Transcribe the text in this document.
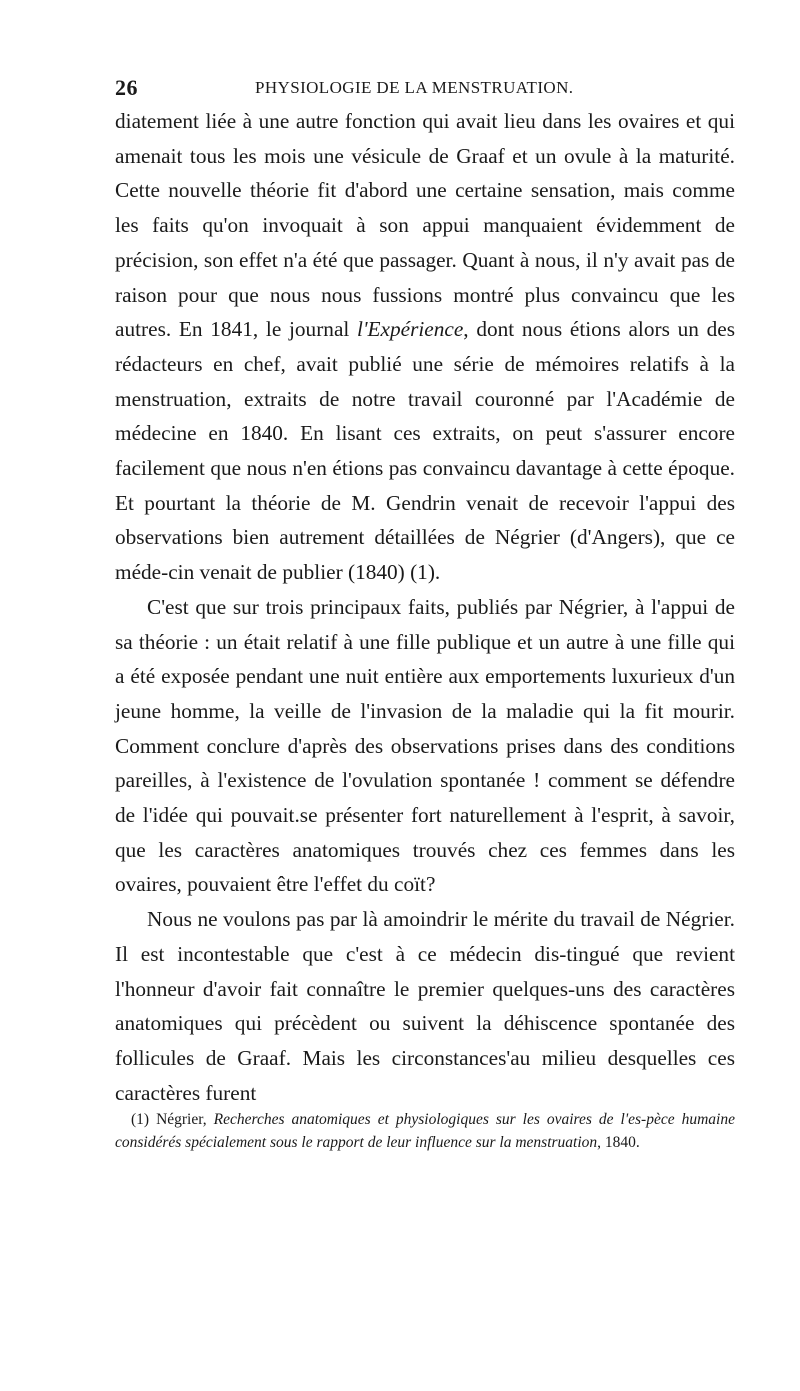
26	PHYSIOLOGIE DE LA MENSTRUATION.

diatement liée à une autre fonction qui avait lieu dans les ovaires et qui amenait tous les mois une vésicule de Graaf et un ovule à la maturité. Cette nouvelle théorie fit d'abord une certaine sensation, mais comme les faits qu'on invoquait à son appui manquaient évidemment de précision, son effet n'a été que passager. Quant à nous, il n'y avait pas de raison pour que nous nous fussions montré plus convaincu que les autres. En 1841, le journal l'Expérience, dont nous étions alors un des rédacteurs en chef, avait publié une série de mémoires relatifs à la menstruation, extraits de notre travail couronné par l'Académie de médecine en 1840. En lisant ces extraits, on peut s'assurer encore facilement que nous n'en étions pas convaincu davantage à cette époque. Et pourtant la théorie de M. Gendrin venait de recevoir l'appui des observations bien autrement détaillées de Négrier (d'Angers), que ce méde-cin venait de publier (1840) (1).

C'est que sur trois principaux faits, publiés par Négrier, à l'appui de sa théorie : un était relatif à une fille publique et un autre à une fille qui a été exposée pendant une nuit entière aux emportements luxurieux d'un jeune homme, la veille de l'invasion de la maladie qui la fit mourir. Comment conclure d'après des observations prises dans des conditions pareilles, à l'existence de l'ovulation spontanée ! comment se défendre de l'idée qui pouvait.se présenter fort naturellement à l'esprit, à savoir, que les caractères anatomiques trouvés chez ces femmes dans les ovaires, pouvaient être l'effet du coït?

Nous ne voulons pas par là amoindrir le mérite du travail de Négrier. Il est incontestable que c'est à ce médecin dis-tingué que revient l'honneur d'avoir fait connaître le premier quelques-uns des caractères anatomiques qui précèdent ou suivent la déhiscence spontanée des follicules de Graaf. Mais les circonstances'au milieu desquelles ces caractères furent

(1) Négrier, Recherches anatomiques et physiologiques sur les ovaires de l'es-pèce humaine considérés spécialement sous le rapport de leur influence sur la menstruation, 1840.
